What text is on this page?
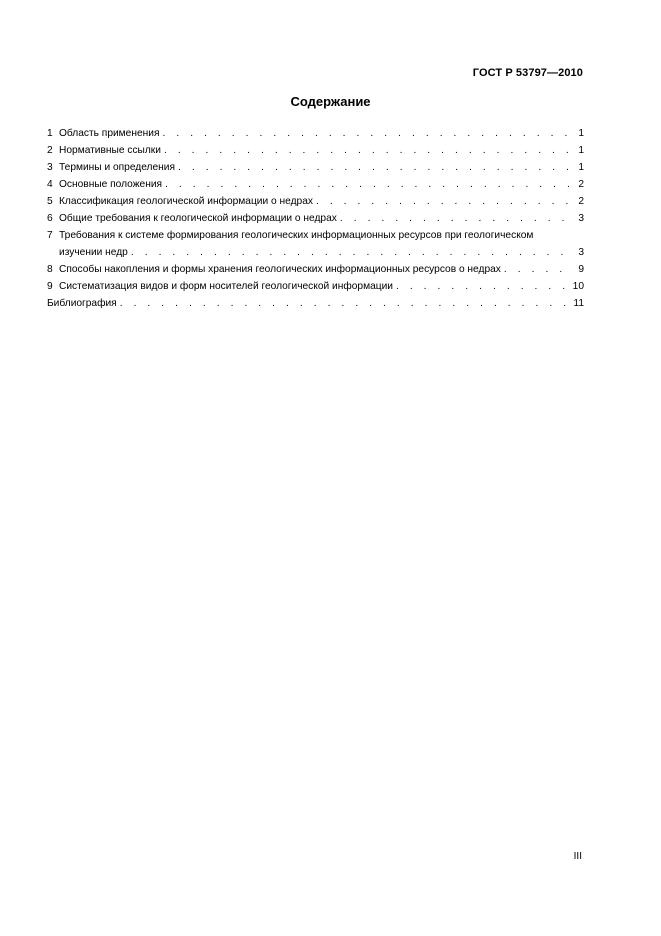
ГОСТ Р 53797—2010
Содержание
1 Область применения . . .	1
2 Нормативные ссылки . . .	1
3 Термины и определения . . .	1
4 Основные положения . . .	2
5 Классификация геологической информации о недрах . . .	2
6 Общие требования к геологической информации о недрах . . .	3
7 Требования к системе формирования геологических информационных ресурсов при геологическом
изучении недр . . .	3
8 Способы накопления и формы хранения геологических информационных ресурсов о недрах . . .	9
9 Систематизация видов и форм носителей геологической информации . . .	10
Библиография . . .	11
III
